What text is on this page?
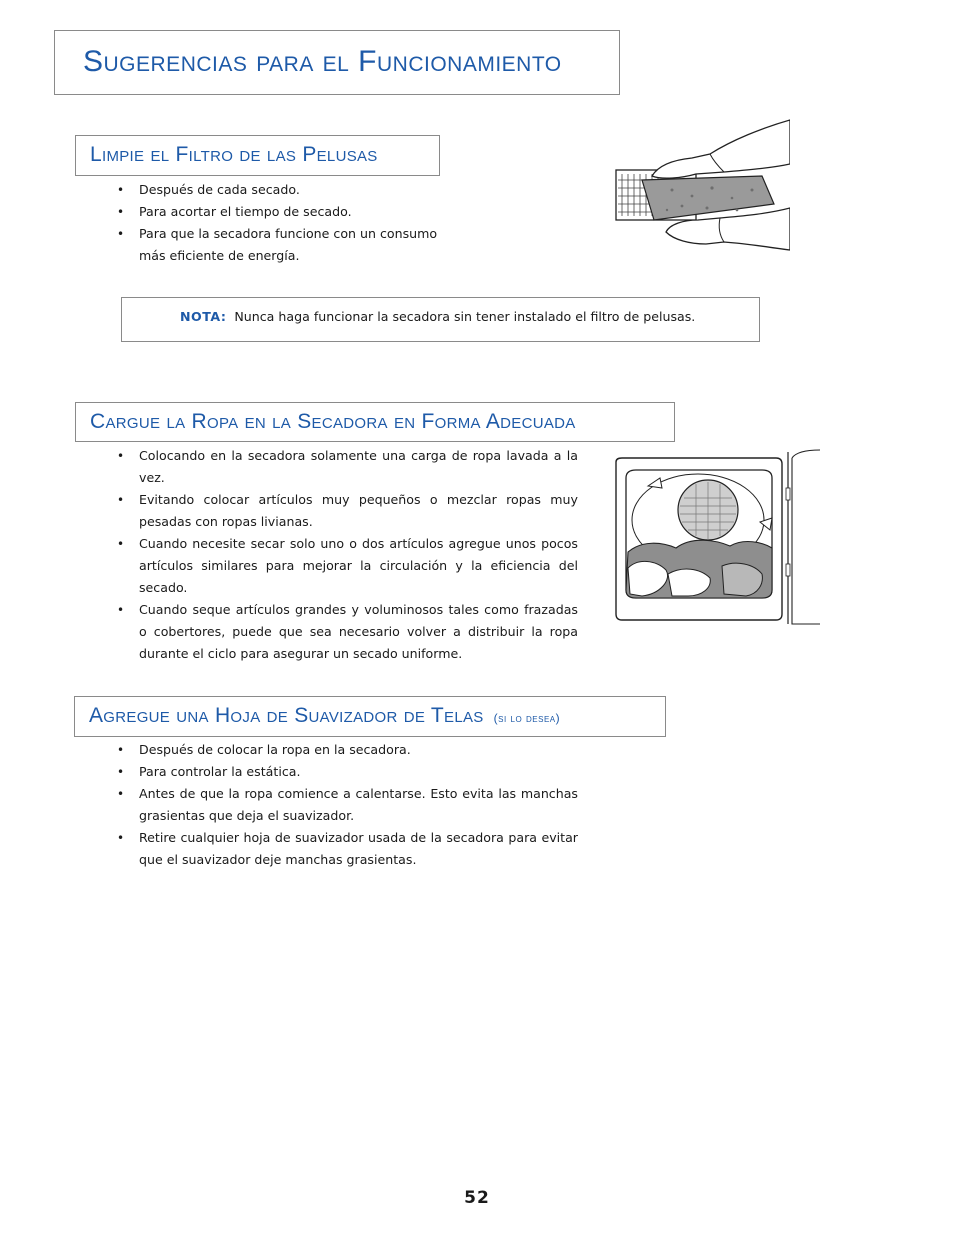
Sugerencias para el Funcionamiento
Limpie el Filtro de las Pelusas
• Después de cada secado.
• Para acortar el tiempo de secado.
• Para que la secadora funcione con un consumo más eficiente de energía.
NOTA: Nunca haga funcionar la secadora sin tener instalado el filtro de pelusas.
Cargue la Ropa en la Secadora en Forma Adecuada
• Colocando en la secadora solamente una carga de ropa lavada a la vez.
• Evitando colocar artículos muy pequeños o mezclar ropas muy pesadas con ropas livianas.
• Cuando necesite secar solo uno o dos artículos agregue unos pocos artículos similares para mejorar la circulación y la eficiencia del secado.
• Cuando seque artículos grandes y voluminosos tales como frazadas o cobertores, puede que sea necesario volver a distribuir la ropa durante el ciclo para asegurar un secado uniforme.
Agregue una Hoja de Suavizador de Telas (si lo desea)
• Después de colocar la ropa en la secadora.
• Para controlar la estática.
• Antes de que la ropa comience a calentarse. Esto evita las manchas grasientas que deja el suavizador.
• Retire cualquier hoja de suavizador usada de la secadora para evitar que el suavizador deje manchas grasientas.
52
